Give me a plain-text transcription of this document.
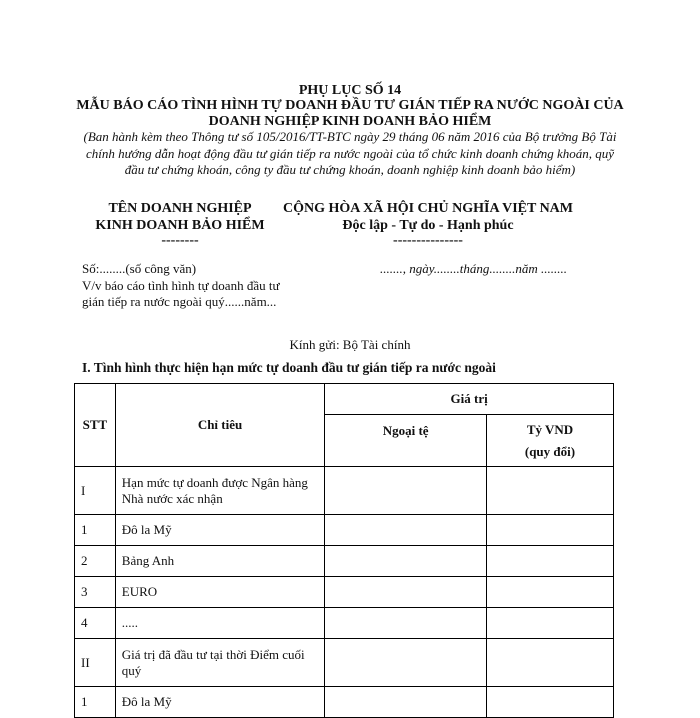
PHỤ LỤC SỐ 14
MẪU BÁO CÁO TÌNH HÌNH TỰ DOANH ĐẦU TƯ GIÁN TIẾP RA NƯỚC NGOÀI CỦA DOANH NGHIỆP KINH DOANH BẢO HIỂM
(Ban hành kèm theo Thông tư số 105/2016/TT-BTC ngày 29 tháng 06 năm 2016 của Bộ trưởng Bộ Tài chính hướng dẫn hoạt động đầu tư gián tiếp ra nước ngoài của tổ chức kinh doanh chứng khoán, quỹ đầu tư chứng khoán, công ty đầu tư chứng khoán, doanh nghiệp kinh doanh bảo hiểm)
TÊN DOANH NGHIỆP
KINH DOANH BẢO HIỂM
--------
CỘNG HÒA XÃ HỘI CHỦ NGHĨA VIỆT NAM
Độc lập - Tự do - Hạnh phúc
---------------
Số:........(số công văn)
V/v báo cáo tình hình tự doanh đầu tư gián tiếp ra nước ngoài quý......năm...
......., ngày........tháng........năm ........
Kính gửi: Bộ Tài chính
I. Tình hình thực hiện hạn mức tự doanh đầu tư gián tiếp ra nước ngoài
STT	Chỉ tiêu	Giá trị	
		Ngoại tệ	Tỷ VND
(quy đổi)

I	Hạn mức tự doanh được Ngân hàng Nhà nước xác nhận		
1	Đô la Mỹ		
2	Bảng Anh		
3	EURO		
4	.....		
II	Giá trị đã đầu tư tại thời Điểm cuối quý		
1	Đô la Mỹ		
